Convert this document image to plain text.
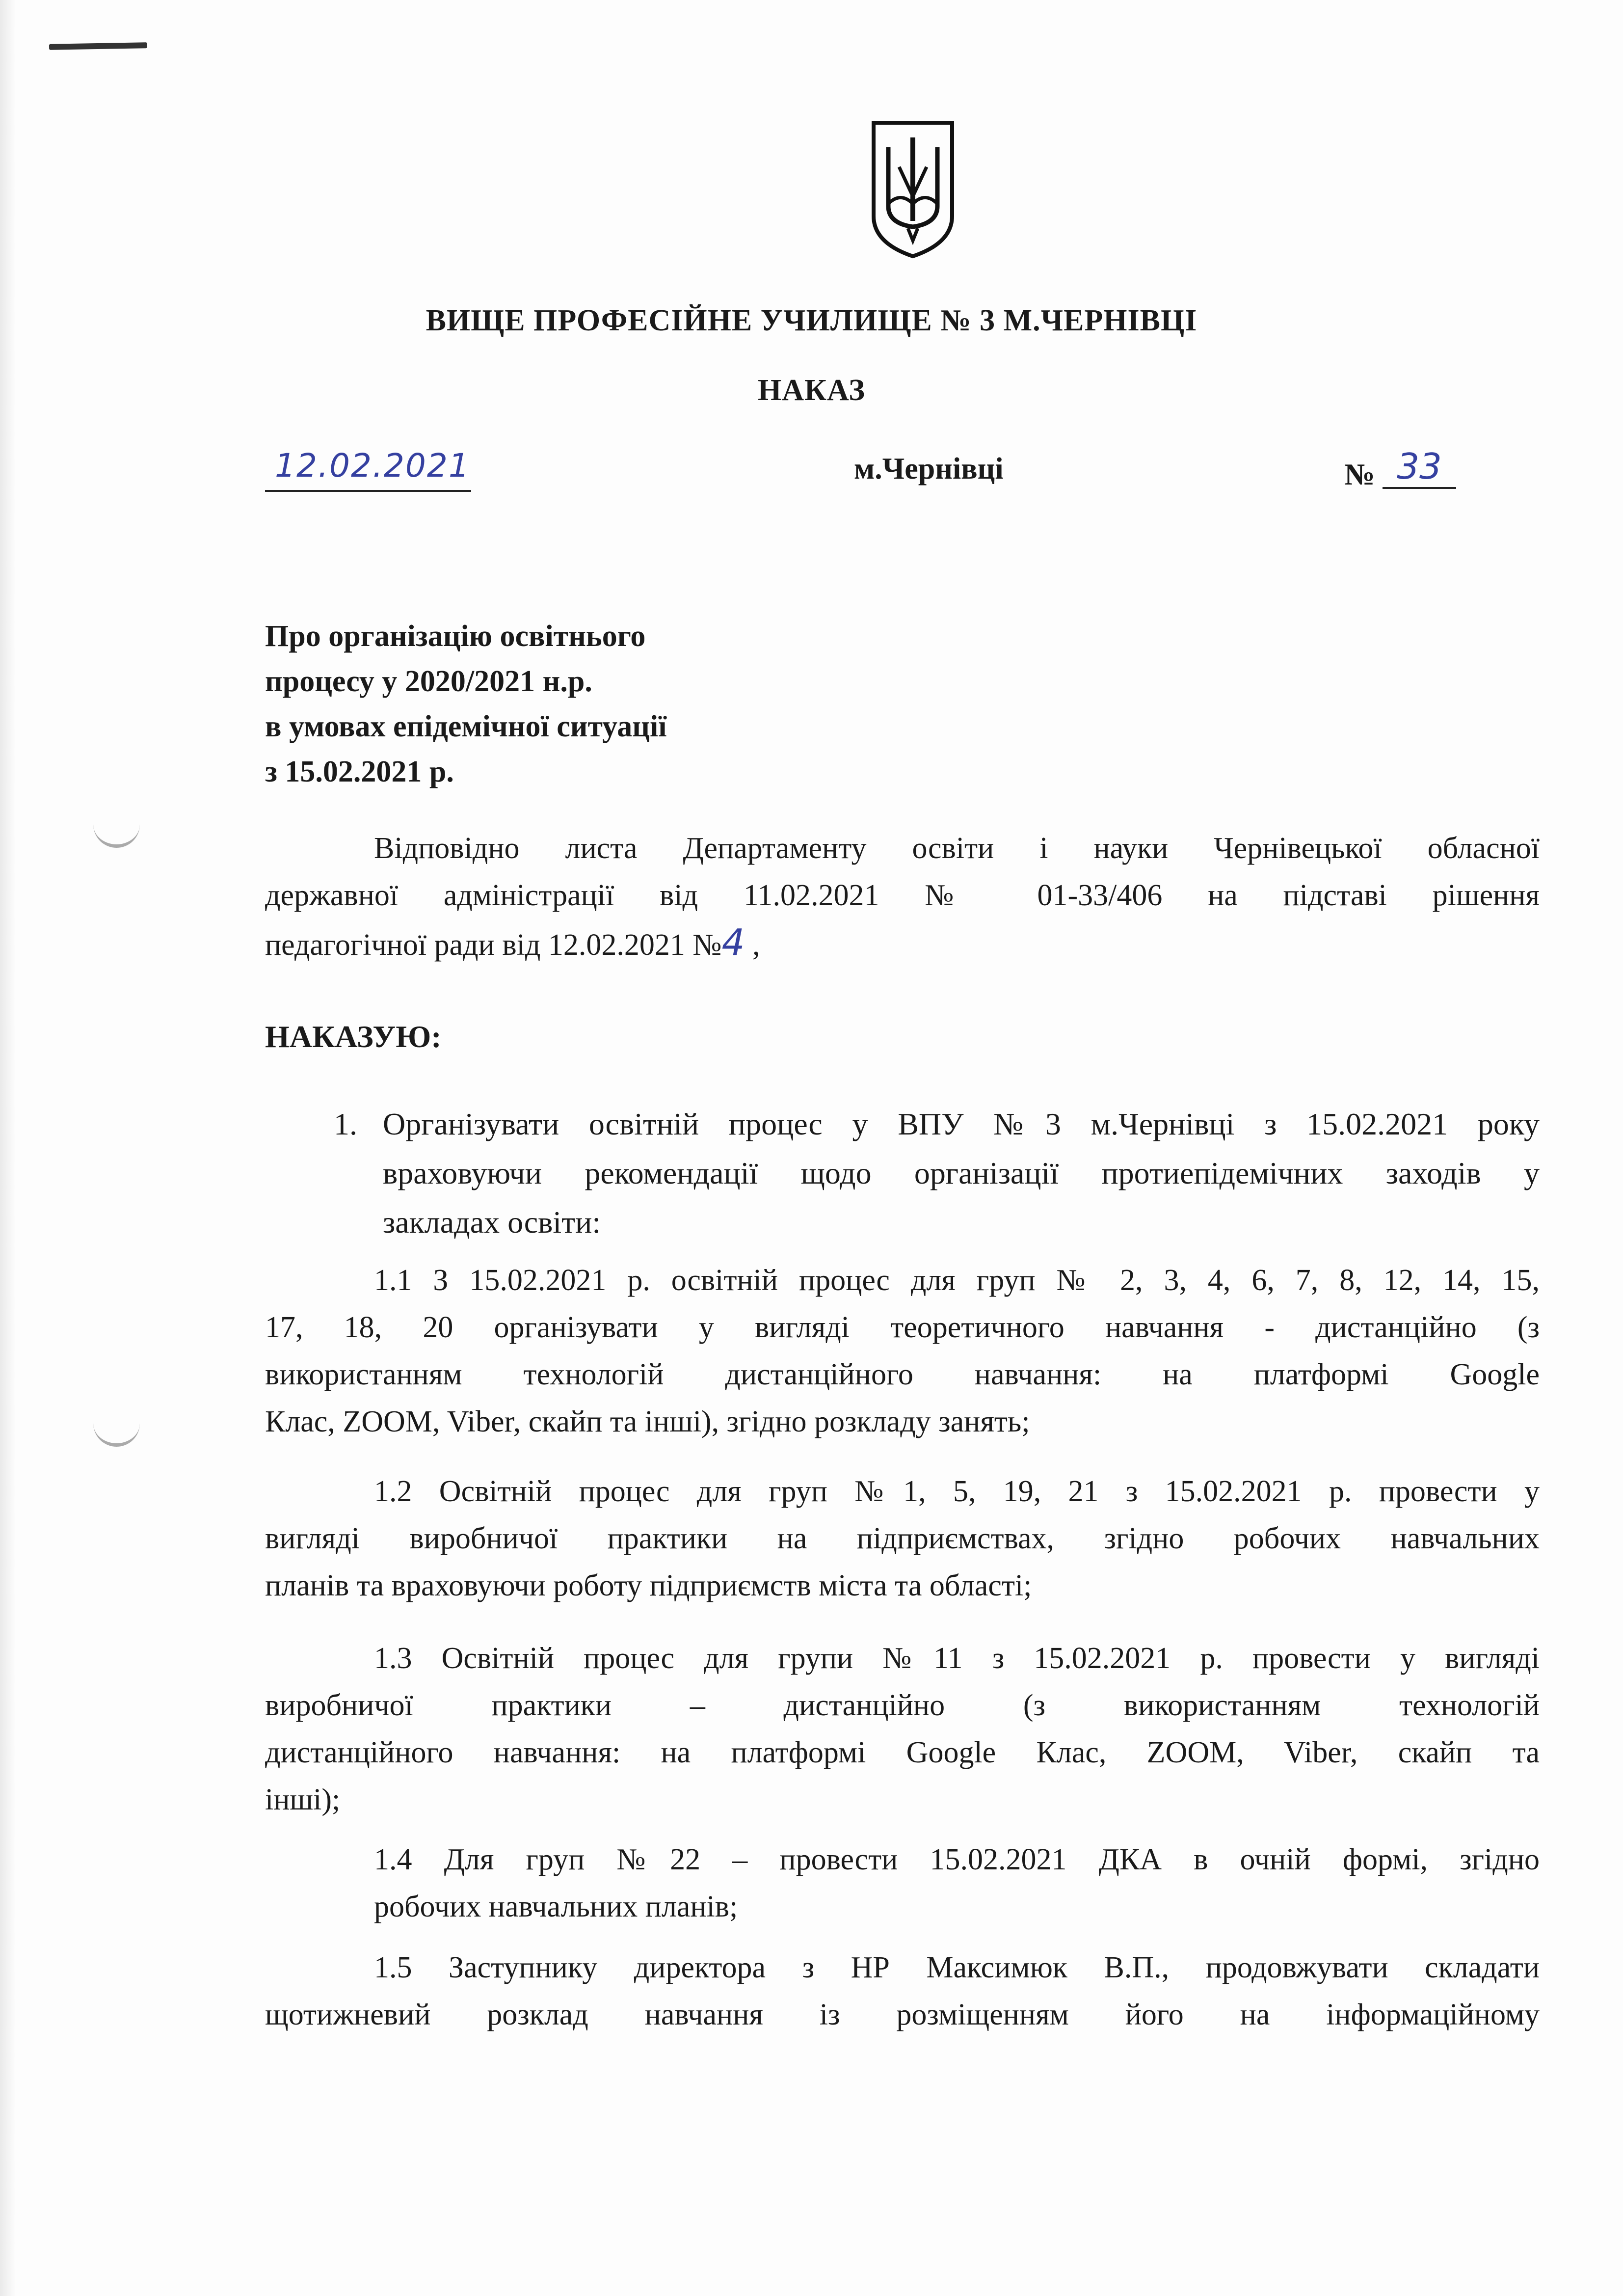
ВИЩЕ ПРОФЕСІЙНЕ УЧИЛИЩЕ № 3 М.ЧЕРНІВЦІ
НАКАЗ
12.02.2021	м.Чернівці	№ 33
Про організацію освітнього
процесу у 2020/2021 н.р.
в умовах епідемічної ситуації
з 15.02.2021 р.
Відповідно листа Департаменту освіти і науки Чернівецької обласної
державної адміністрації від 11.02.2021 № 01-33/406 на підставі рішення
педагогічної ради від 12.02.2021 №4 ,
НАКАЗУЮ:
1. Організувати освітній процес у ВПУ №3 м.Чернівці з 15.02.2021 року
враховуючи рекомендації щодо організації протиепідемічних заходів у
закладах освіти:
1.1 З 15.02.2021 р. освітній процес для груп № 2, 3, 4, 6, 7, 8, 12, 14, 15,
17, 18, 20 організувати у вигляді теоретичного навчання - дистанційно (з
використанням технологій дистанційного навчання: на платформі Google
Клас, ZOOM, Viber, скайп та інші), згідно розкладу занять;
1.2 Освітній процес для груп №1, 5, 19, 21 з 15.02.2021 р. провести у
вигляді виробничої практики на підприємствах, згідно робочих навчальних
планів та враховуючи роботу підприємств міста та області;
1.3 Освітній процес для групи №11 з 15.02.2021 р. провести у вигляді
виробничої практики – дистанційно (з використанням технологій
дистанційного навчання: на платформі Google Клас, ZOOM, Viber, скайп та
інші);
1.4 Для груп №22 – провести 15.02.2021 ДКА в очній формі, згідно
робочих навчальних планів;
1.5 Заступнику директора з НР Максимюк В.П., продовжувати складати
щотижневий розклад навчання із розміщенням його на інформаційному
